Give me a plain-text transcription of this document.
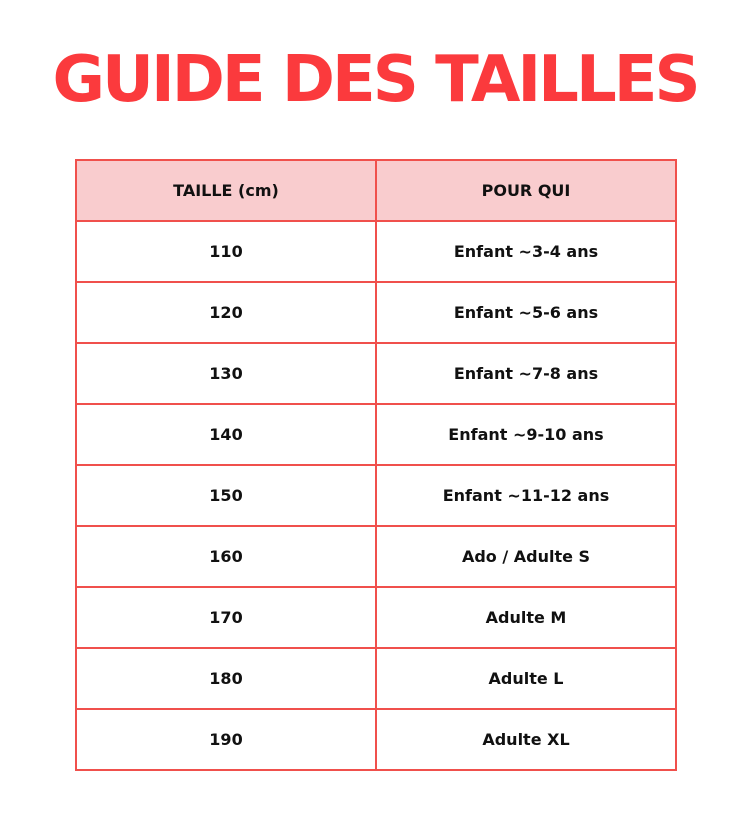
GUIDE DES TAILLES
TAILLE (cm)	POUR QUI
110	Enfant ~3-4 ans
120	Enfant ~5-6 ans
130	Enfant ~7-8 ans
140	Enfant ~9-10 ans
150	Enfant ~11-12 ans
160	Ado / Adulte S
170	Adulte M
180	Adulte L
190	Adulte XL
